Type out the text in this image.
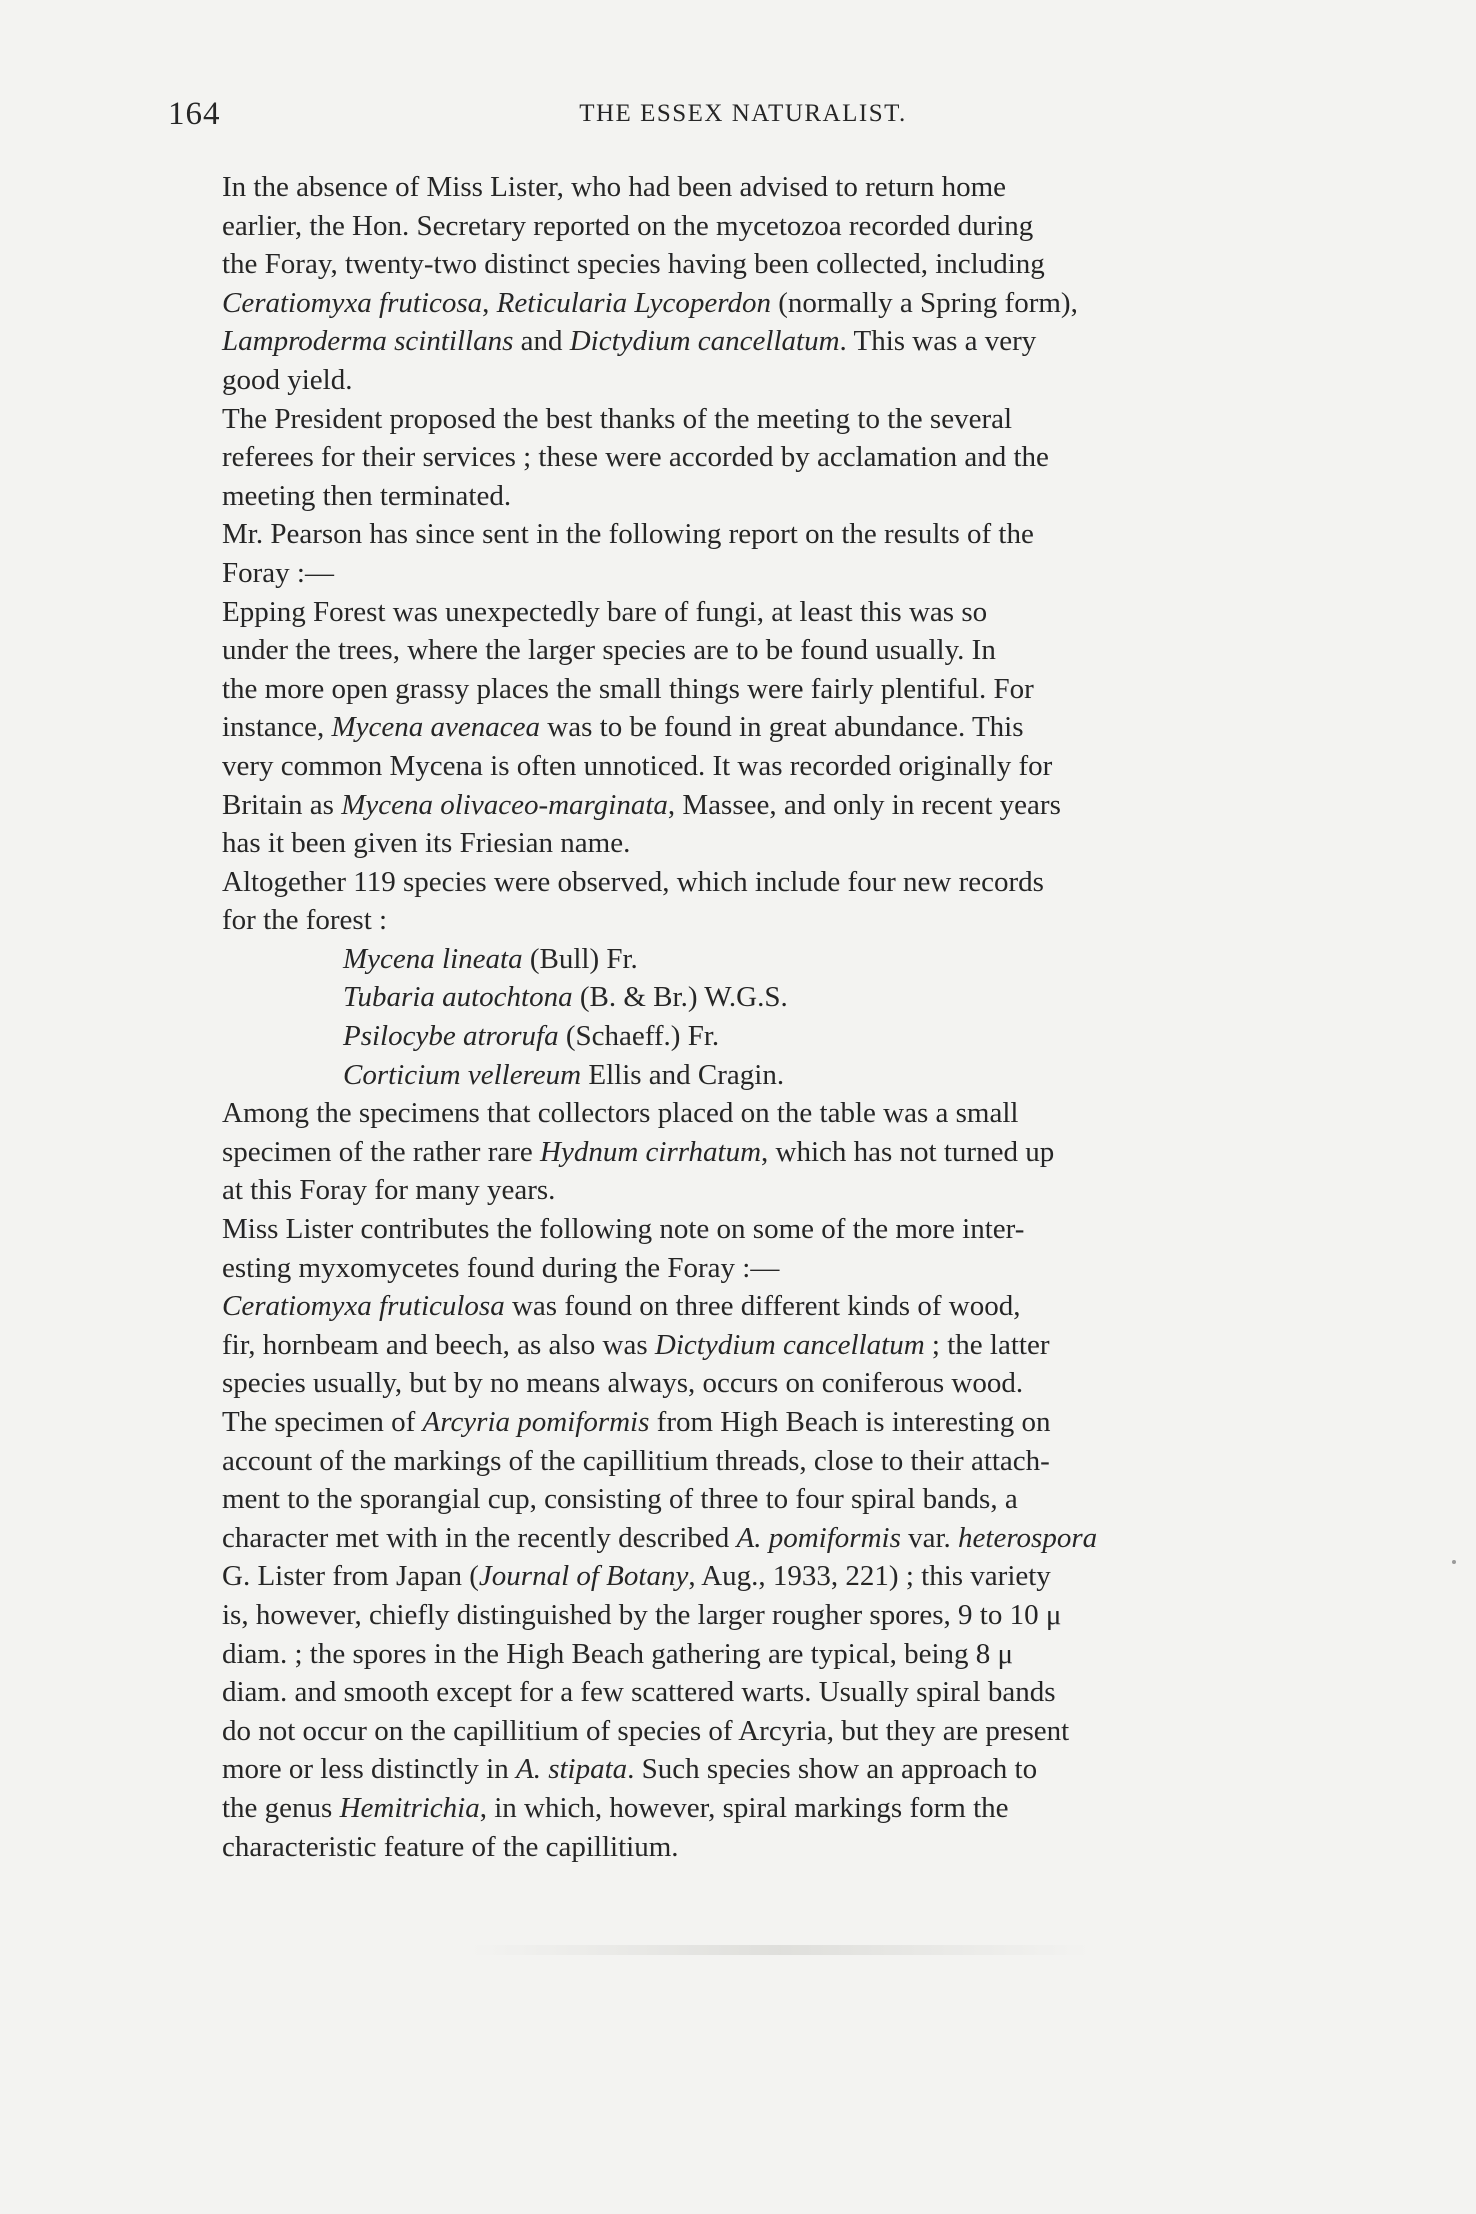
164	THE ESSEX NATURALIST.

In the absence of Miss Lister, who had been advised to return home
earlier, the Hon. Secretary reported on the mycetozoa recorded during
the Foray, twenty-two distinct species having been collected, including
Ceratiomyxa fruticosa, Reticularia Lycoperdon (normally a Spring form),
Lamproderma scintillans and Dictydium cancellatum. This was a very
good yield.

The President proposed the best thanks of the meeting to the several
referees for their services ; these were accorded by acclamation and the
meeting then terminated.

Mr. Pearson has since sent in the following report on the results of the
Foray :—

Epping Forest was unexpectedly bare of fungi, at least this was so
under the trees, where the larger species are to be found usually. In
the more open grassy places the small things were fairly plentiful. For
instance, Mycena avenacea was to be found in great abundance. This
very common Mycena is often unnoticed. It was recorded originally for
Britain as Mycena olivaceo-marginata, Massee, and only in recent years
has it been given its Friesian name.

Altogether 119 species were observed, which include four new records
for the forest :

Mycena lineata (Bull) Fr.
Tubaria autochtona (B. & Br.) W.G.S.
Psilocybe atrorufa (Schaeff.) Fr.
Corticium vellereum Ellis and Cragin.

Among the specimens that collectors placed on the table was a small
specimen of the rather rare Hydnum cirrhatum, which has not turned up
at this Foray for many years.

Miss Lister contributes the following note on some of the more inter-
esting myxomycetes found during the Foray :—

Ceratiomyxa fruticulosa was found on three different kinds of wood,
fir, hornbeam and beech, as also was Dictydium cancellatum ; the latter
species usually, but by no means always, occurs on coniferous wood.
The specimen of Arcyria pomiformis from High Beach is interesting on
account of the markings of the capillitium threads, close to their attach-
ment to the sporangial cup, consisting of three to four spiral bands, a
character met with in the recently described A. pomiformis var. heterospora
G. Lister from Japan (Journal of Botany, Aug., 1933, 221) ; this variety
is, however, chiefly distinguished by the larger rougher spores, 9 to 10 μ
diam. ; the spores in the High Beach gathering are typical, being 8 μ
diam. and smooth except for a few scattered warts. Usually spiral bands
do not occur on the capillitium of species of Arcyria, but they are present
more or less distinctly in A. stipata. Such species show an approach to
the genus Hemitrichia, in which, however, spiral markings form the
characteristic feature of the capillitium.
